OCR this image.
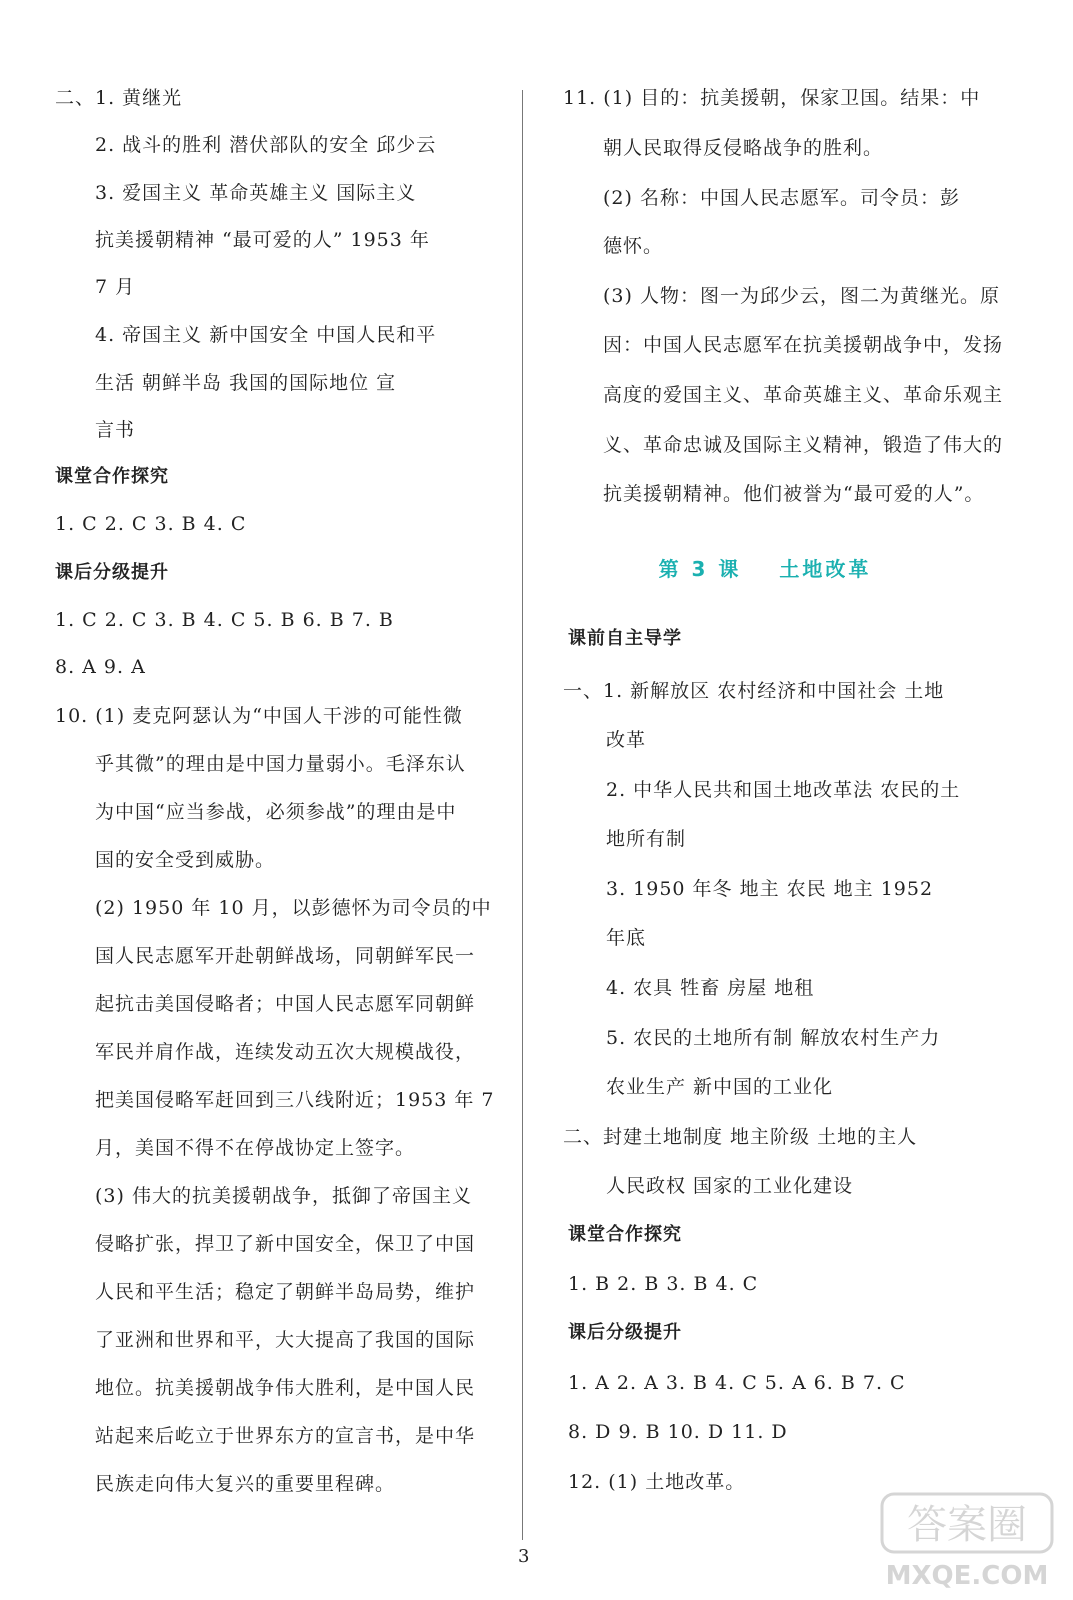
二、1. 黄继光
2. 战斗的胜利 潜伏部队的安全 邱少云
3. 爱国主义 革命英雄主义 国际主义
抗美援朝精神 “最可爱的人” 1953 年
7 月
4. 帝国主义 新中国安全 中国人民和平
生活 朝鲜半岛 我国的国际地位 宣
言书
课堂合作探究
1. C 2. C 3. B 4. C
课后分级提升
1. C 2. C 3. B 4. C 5. B 6. B 7. B
8. A 9. A
10. (1) 麦克阿瑟认为“中国人干涉的可能性微
乎其微”的理由是中国力量弱小。毛泽东认
为中国“应当参战，必须参战”的理由是中
国的安全受到威胁。
(2) 1950 年 10 月，以彭德怀为司令员的中
国人民志愿军开赴朝鲜战场，同朝鲜军民一
起抗击美国侵略者；中国人民志愿军同朝鲜
军民并肩作战，连续发动五次大规模战役，
把美国侵略军赶回到三八线附近；1953 年 7
月，美国不得不在停战协定上签字。
(3) 伟大的抗美援朝战争，抵御了帝国主义
侵略扩张，捍卫了新中国安全，保卫了中国
人民和平生活；稳定了朝鲜半岛局势，维护
了亚洲和世界和平，大大提高了我国的国际
地位。抗美援朝战争伟大胜利，是中国人民
站起来后屹立于世界东方的宣言书，是中华
民族走向伟大复兴的重要里程碑。
11. (1) 目的：抗美援朝，保家卫国。结果：中
朝人民取得反侵略战争的胜利。
(2) 名称：中国人民志愿军。司令员：彭
德怀。
(3) 人物：图一为邱少云，图二为黄继光。原
因：中国人民志愿军在抗美援朝战争中，发扬
高度的爱国主义、革命英雄主义、革命乐观主
义、革命忠诚及国际主义精神，锻造了伟大的
抗美援朝精神。他们被誉为“最可爱的人”。
课前自主导学
一、1. 新解放区 农村经济和中国社会 土地
改革
2. 中华人民共和国土地改革法 农民的土
地所有制
3. 1950 年冬 地主 农民 地主 1952
年底
4. 农具 牲畜 房屋 地租
5. 农民的土地所有制 解放农村生产力
农业生产 新中国的工业化
二、封建土地制度 地主阶级 土地的主人
人民政权 国家的工业化建设
课堂合作探究
1. B 2. B 3. B 4. C
课后分级提升
1. A 2. A 3. B 4. C 5. A 6. B 7. C
8. D 9. B 10. D 11. D
12. (1) 土地改革。
第 3 课 土地改革
3
答案圈
MXQE.COM
